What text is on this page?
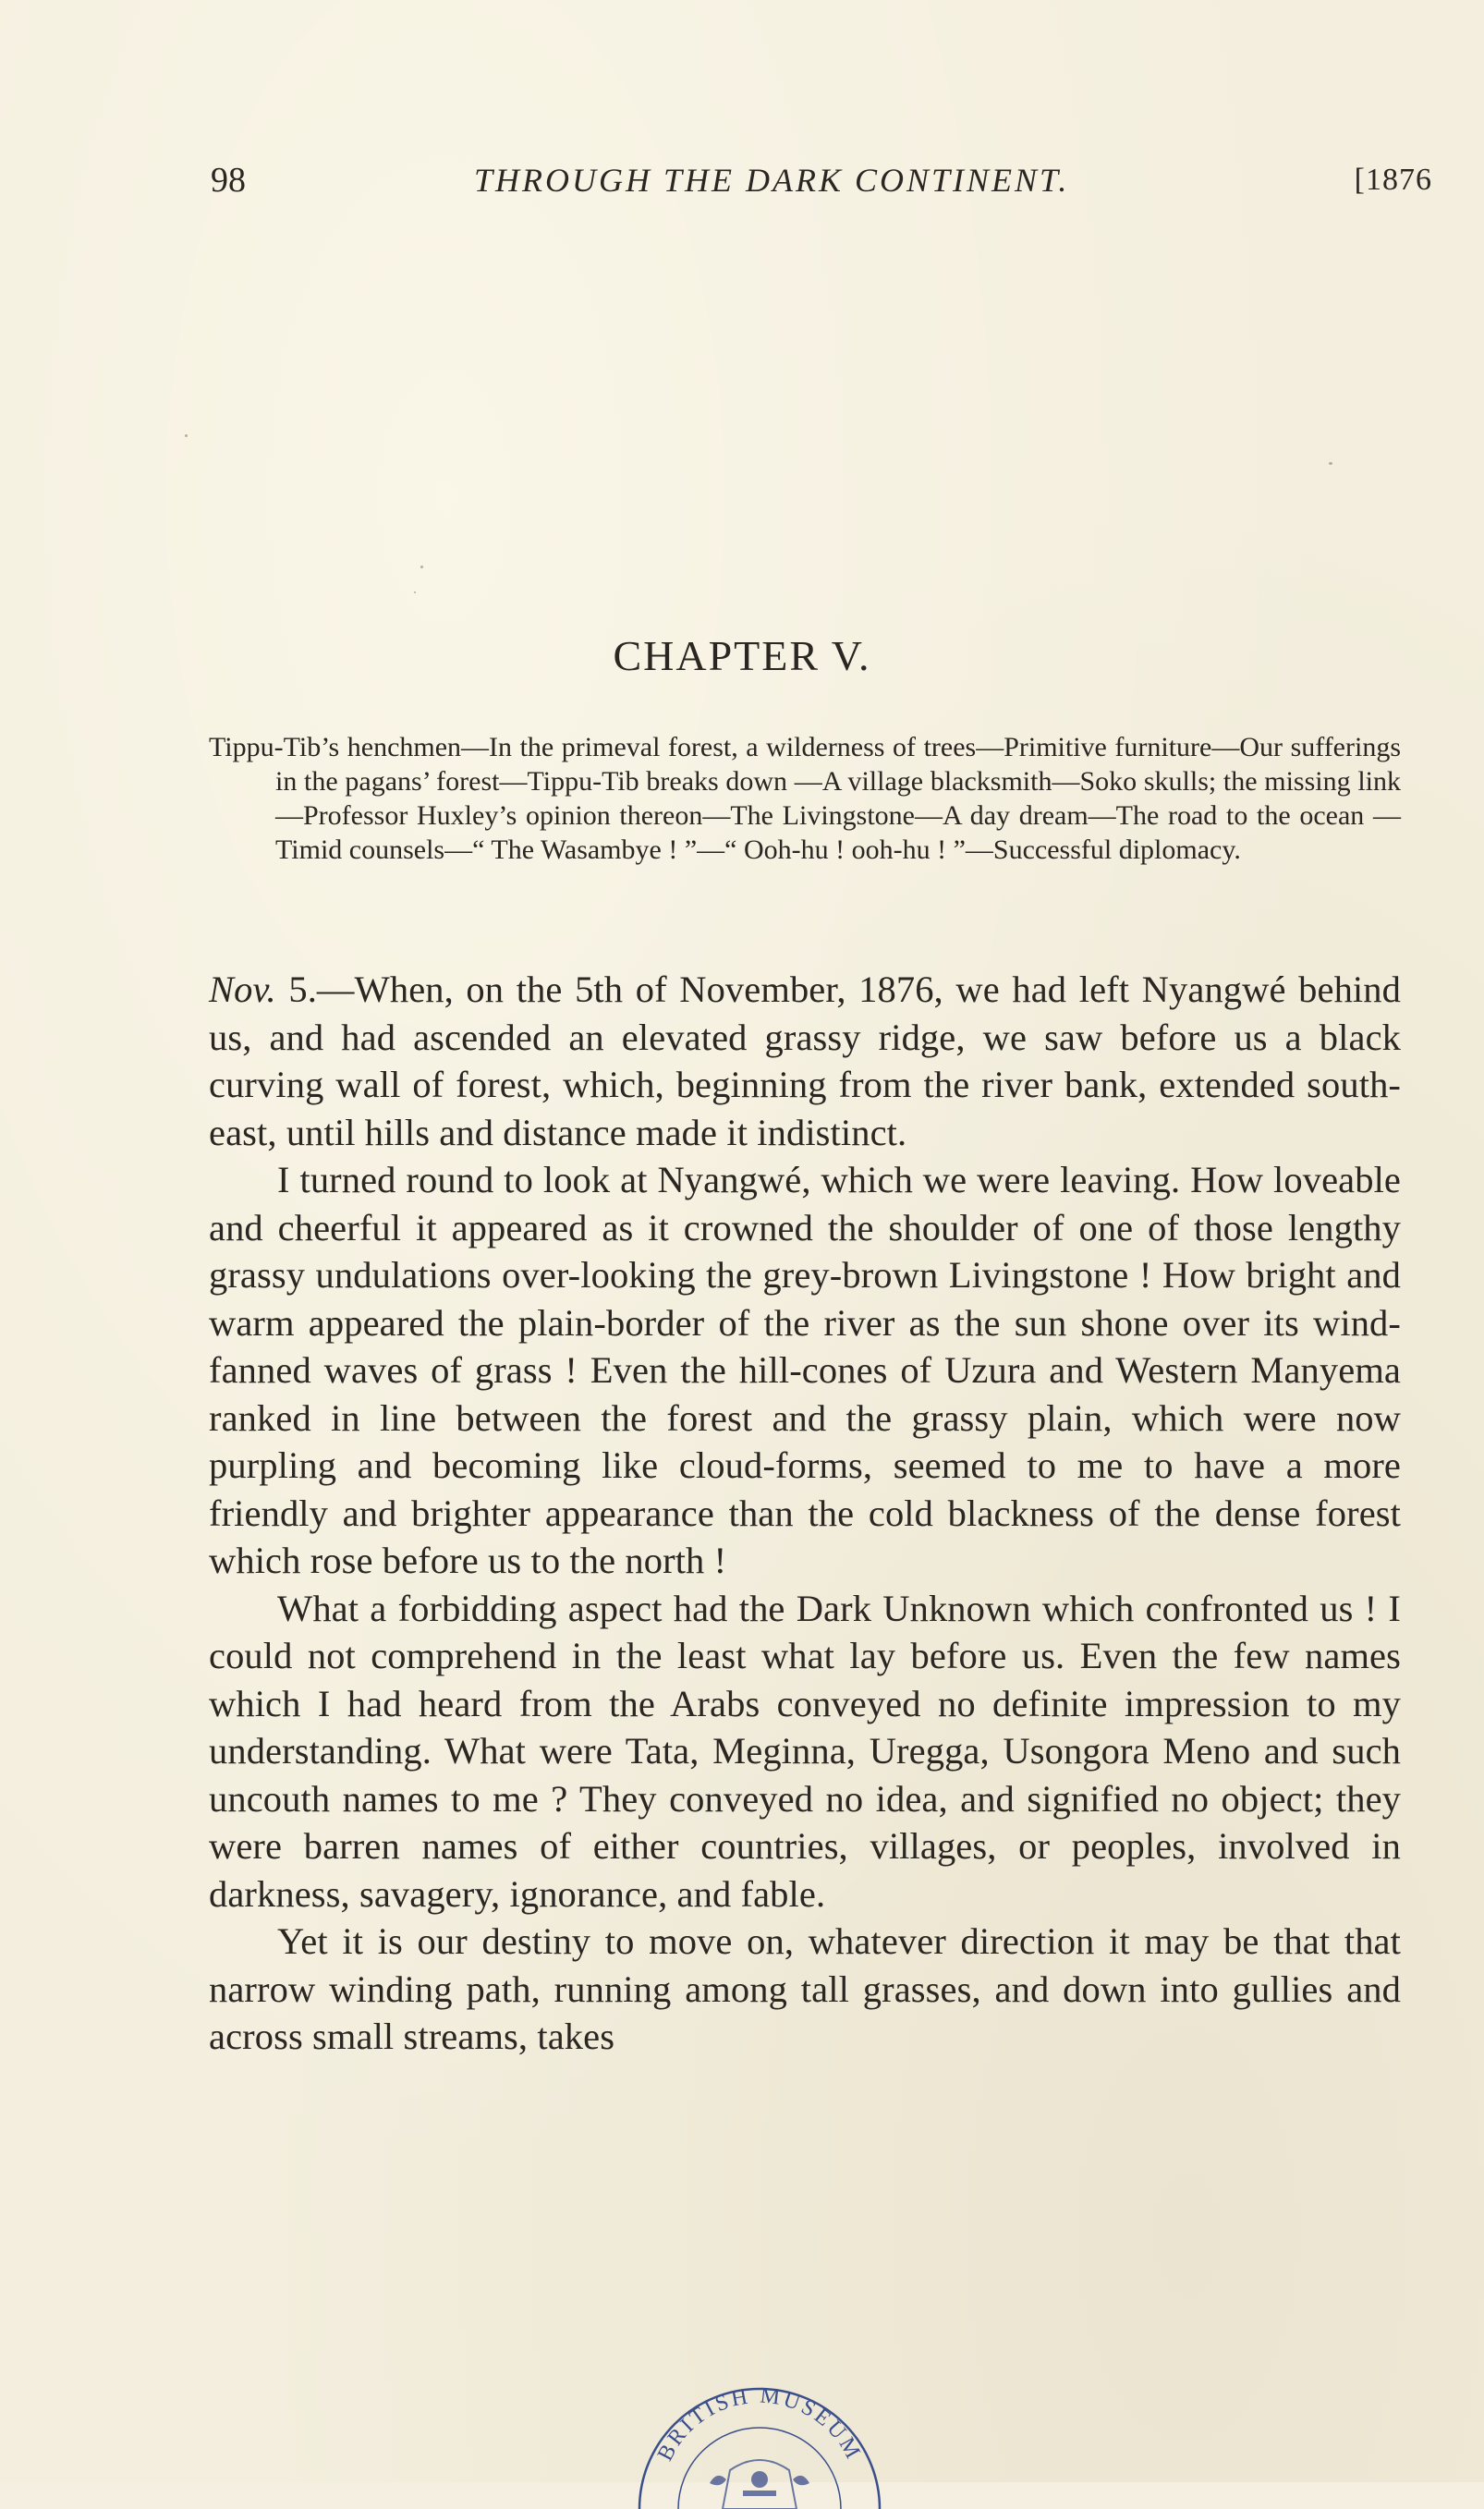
98	THROUGH THE DARK CONTINENT.	[1876
CHAPTER V.
Tippu-Tib’s henchmen—In the primeval forest, a wilderness of trees—Primitive furniture—Our sufferings in the pagans’ forest—Tippu-Tib breaks down —A village blacksmith—Soko skulls; the missing link—Professor Huxley’s opinion thereon—The Livingstone—A day dream—The road to the ocean —Timid counsels—“ The Wasambye ! ”—“ Ooh-hu ! ooh-hu ! ”—Successful diplomacy.

Nov. 5.—When, on the 5th of November, 1876, we had left Nyangwé behind us, and had ascended an elevated grassy ridge, we saw before us a black curving wall of forest, which, beginning from the river bank, extended south-east, until hills and distance made it indistinct.

I turned round to look at Nyangwé, which we were leaving. How loveable and cheerful it appeared as it crowned the shoulder of one of those lengthy grassy undulations over-looking the grey-brown Livingstone ! How bright and warm appeared the plain-border of the river as the sun shone over its wind-fanned waves of grass ! Even the hill-cones of Uzura and Western Manyema ranked in line between the forest and the grassy plain, which were now purpling and becoming like cloud-forms, seemed to me to have a more friendly and brighter appearance than the cold blackness of the dense forest which rose before us to the north !

What a forbidding aspect had the Dark Unknown which confronted us ! I could not comprehend in the least what lay before us. Even the few names which I had heard from the Arabs conveyed no definite impression to my understanding. What were Tata, Meginna, Uregga, Usongora Meno and such uncouth names to me ? They conveyed no idea, and signified no object; they were barren names of either countries, villages, or peoples, involved in darkness, savagery, ignorance, and fable.

Yet it is our destiny to move on, whatever direction it may be that that narrow winding path, running among tall grasses, and down into gullies and across small streams, takes

BRITISH MUSEUM
